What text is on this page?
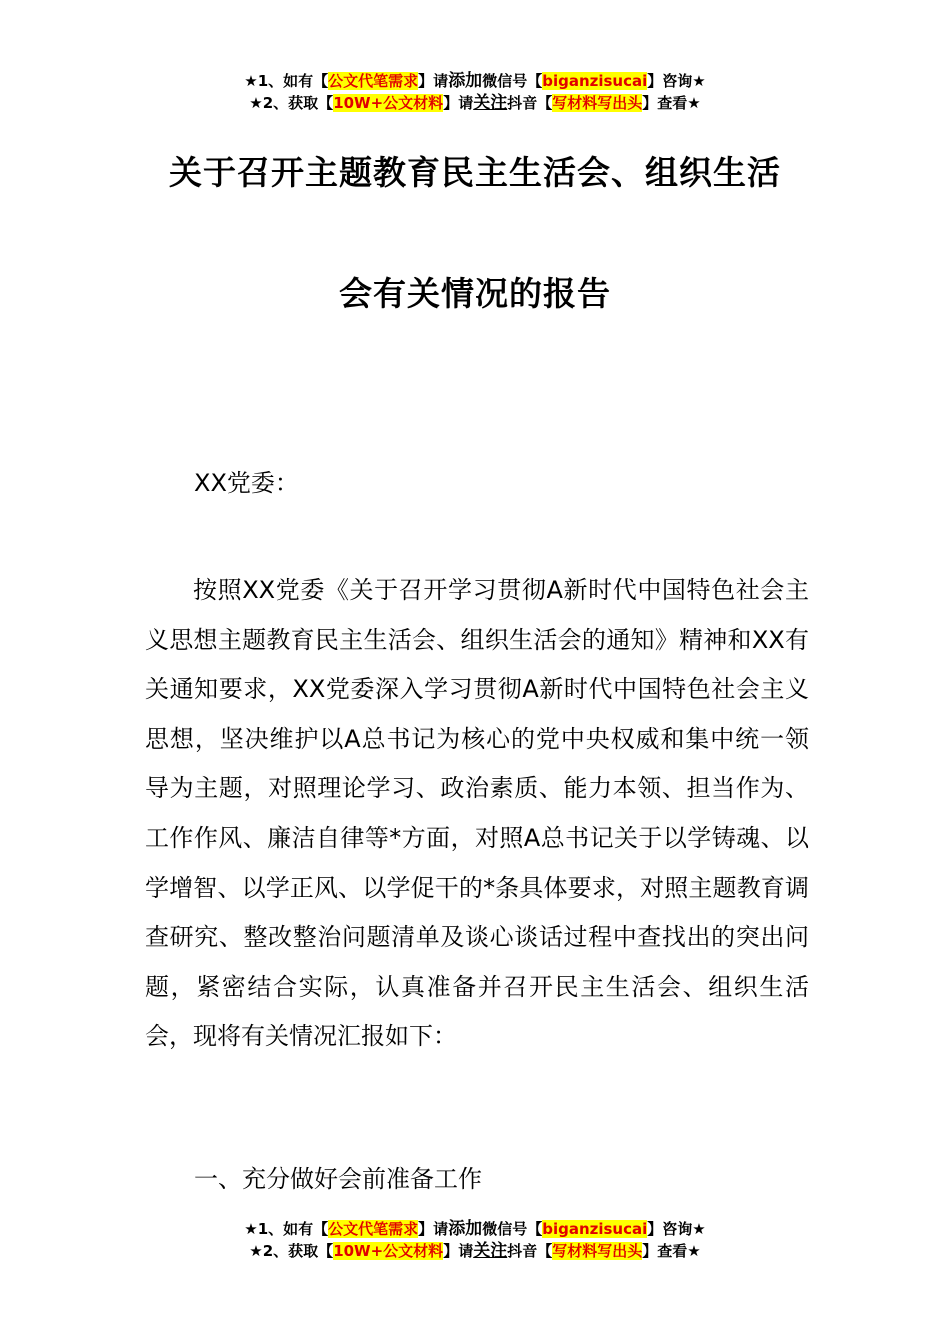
★1、如有【公文代笔需求】请添加微信号【biganzisucai】咨询★
★2、获取【10W+公文材料】请关注抖音【写材料写出头】查看★
关于召开主题教育民主生活会、组织生活
会有关情况的报告
XX党委：

按照XX党委《关于召开学习贯彻A新时代中国特色社会主义思想主题教育民主生活会、组织生活会的通知》精神和XX有关通知要求，XX党委深入学习贯彻A新时代中国特色社会主义思想，坚决维护以A总书记为核心的党中央权威和集中统一领导为主题，对照理论学习、政治素质、能力本领、担当作为、工作作风、廉洁自律等*方面，对照A总书记关于以学铸魂、以学增智、以学正风、以学促干的*条具体要求，对照主题教育调查研究、整改整治问题清单及谈心谈话过程中查找出的突出问题，紧密结合实际，认真准备并召开民主生活会、组织生活会，现将有关情况汇报如下：

一、充分做好会前准备工作
★1、如有【公文代笔需求】请添加微信号【biganzisucai】咨询★
★2、获取【10W+公文材料】请关注抖音【写材料写出头】查看★
